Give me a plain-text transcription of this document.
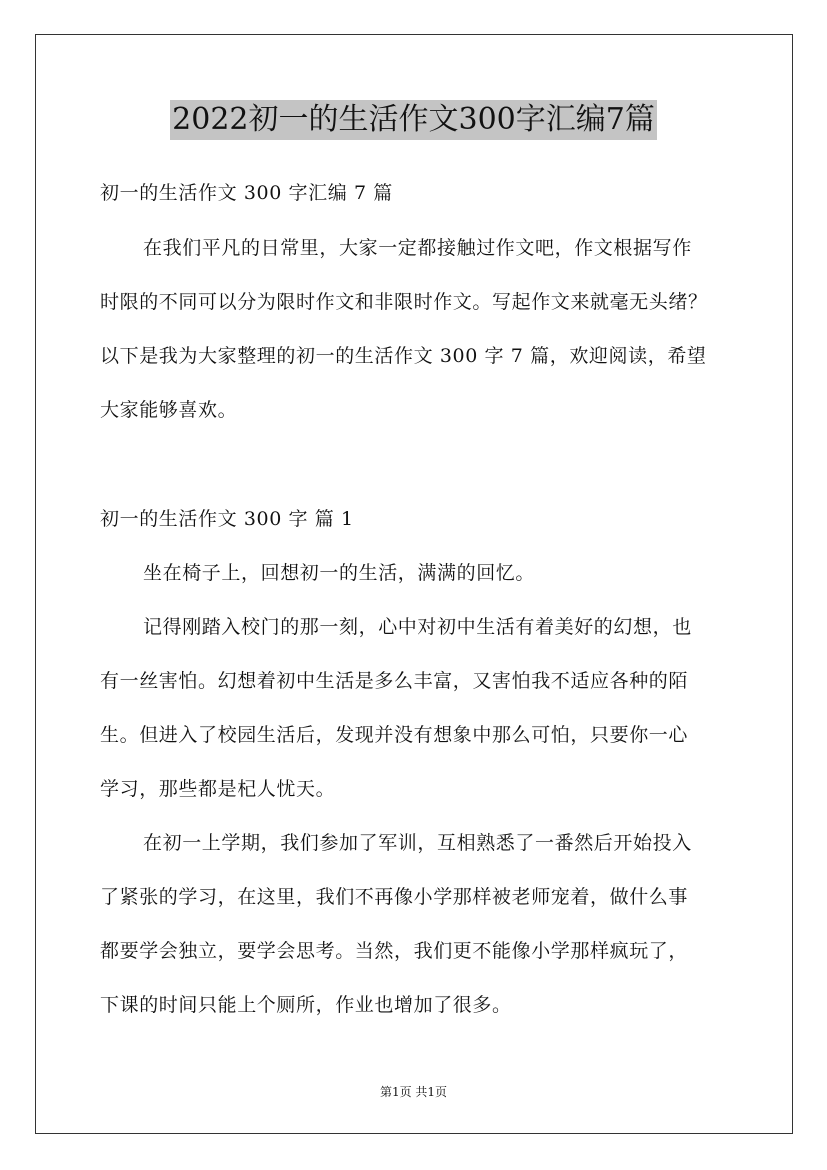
2022初一的生活作文300字汇编7篇
初一的生活作文 300 字汇编 7 篇
在我们平凡的日常里，大家一定都接触过作文吧，作文根据写作
时限的不同可以分为限时作文和非限时作文。写起作文来就毫无头绪？
以下是我为大家整理的初一的生活作文 300 字 7 篇，欢迎阅读，希望
大家能够喜欢。
初一的生活作文 300 字 篇 1
坐在椅子上，回想初一的生活，满满的回忆。
记得刚踏入校门的那一刻，心中对初中生活有着美好的幻想，也
有一丝害怕。幻想着初中生活是多么丰富，又害怕我不适应各种的陌
生。但进入了校园生活后，发现并没有想象中那么可怕，只要你一心
学习，那些都是杞人忧天。
在初一上学期，我们参加了军训，互相熟悉了一番然后开始投入
了紧张的学习，在这里，我们不再像小学那样被老师宠着，做什么事
都要学会独立，要学会思考。当然，我们更不能像小学那样疯玩了，
下课的时间只能上个厕所，作业也增加了很多。
第1页 共1页
